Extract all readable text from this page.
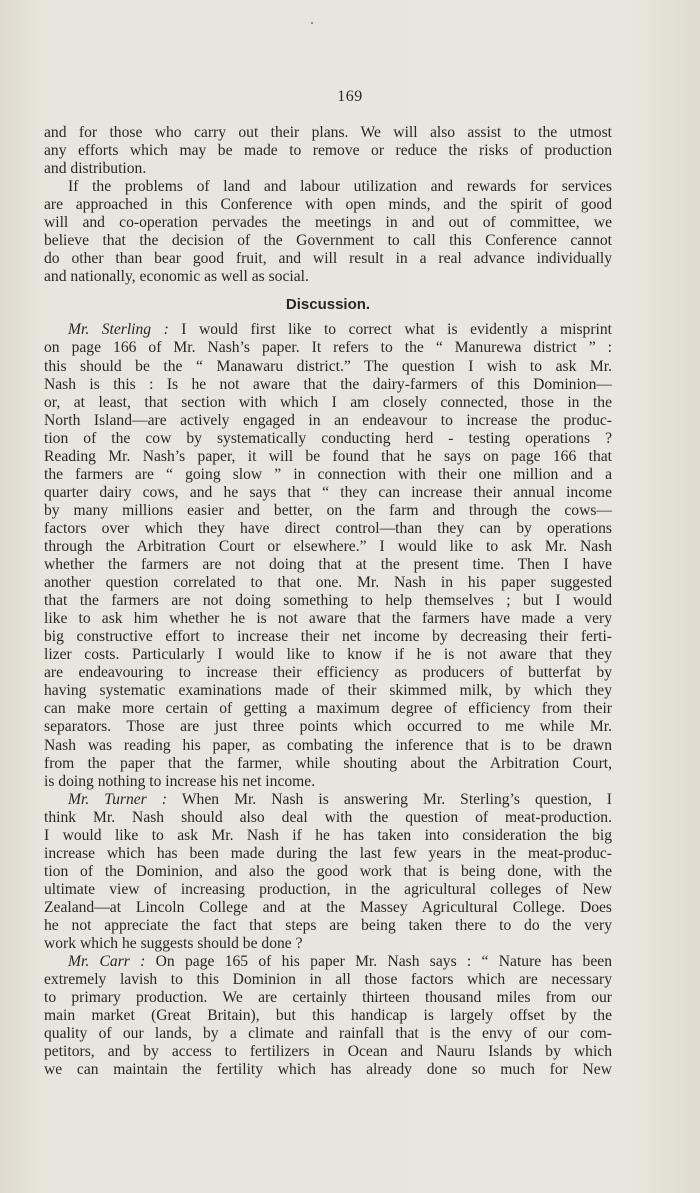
169
and for those who carry out their plans. We will also assist to the utmost
any efforts which may be made to remove or reduce the risks of production
and distribution.
If the problems of land and labour utilization and rewards for services
are approached in this Conference with open minds, and the spirit of good
will and co-operation pervades the meetings in and out of committee, we
believe that the decision of the Government to call this Conference cannot
do other than bear good fruit, and will result in a real advance individually
and nationally, economic as well as social.
Discussion.
Mr. Sterling : I would first like to correct what is evidently a misprint
on page 166 of Mr. Nash’s paper. It refers to the “ Manurewa district ” :
this should be the “ Manawaru district.” The question I wish to ask Mr.
Nash is this : Is he not aware that the dairy-farmers of this Dominion—
or, at least, that section with which I am closely connected, those in the
North Island—are actively engaged in an endeavour to increase the produc-
tion of the cow by systematically conducting herd - testing operations ?
Reading Mr. Nash’s paper, it will be found that he says on page 166 that
the farmers are “ going slow ” in connection with their one million and a
quarter dairy cows, and he says that “ they can increase their annual income
by many millions easier and better, on the farm and through the cows—
factors over which they have direct control—than they can by operations
through the Arbitration Court or elsewhere.” I would like to ask Mr. Nash
whether the farmers are not doing that at the present time. Then I have
another question correlated to that one. Mr. Nash in his paper suggested
that the farmers are not doing something to help themselves ; but I would
like to ask him whether he is not aware that the farmers have made a very
big constructive effort to increase their net income by decreasing their ferti-
lizer costs. Particularly I would like to know if he is not aware that they
are endeavouring to increase their efficiency as producers of butterfat by
having systematic examinations made of their skimmed milk, by which they
can make more certain of getting a maximum degree of efficiency from their
separators. Those are just three points which occurred to me while Mr.
Nash was reading his paper, as combating the inference that is to be drawn
from the paper that the farmer, while shouting about the Arbitration Court,
is doing nothing to increase his net income.
Mr. Turner : When Mr. Nash is answering Mr. Sterling’s question, I
think Mr. Nash should also deal with the question of meat-production.
I would like to ask Mr. Nash if he has taken into consideration the big
increase which has been made during the last few years in the meat-produc-
tion of the Dominion, and also the good work that is being done, with the
ultimate view of increasing production, in the agricultural colleges of New
Zealand—at Lincoln College and at the Massey Agricultural College. Does
he not appreciate the fact that steps are being taken there to do the very
work which he suggests should be done ?
Mr. Carr : On page 165 of his paper Mr. Nash says : “ Nature has been
extremely lavish to this Dominion in all those factors which are necessary
to primary production. We are certainly thirteen thousand miles from our
main market (Great Britain), but this handicap is largely offset by the
quality of our lands, by a climate and rainfall that is the envy of our com-
petitors, and by access to fertilizers in Ocean and Nauru Islands by which
we can maintain the fertility which has already done so much for New
